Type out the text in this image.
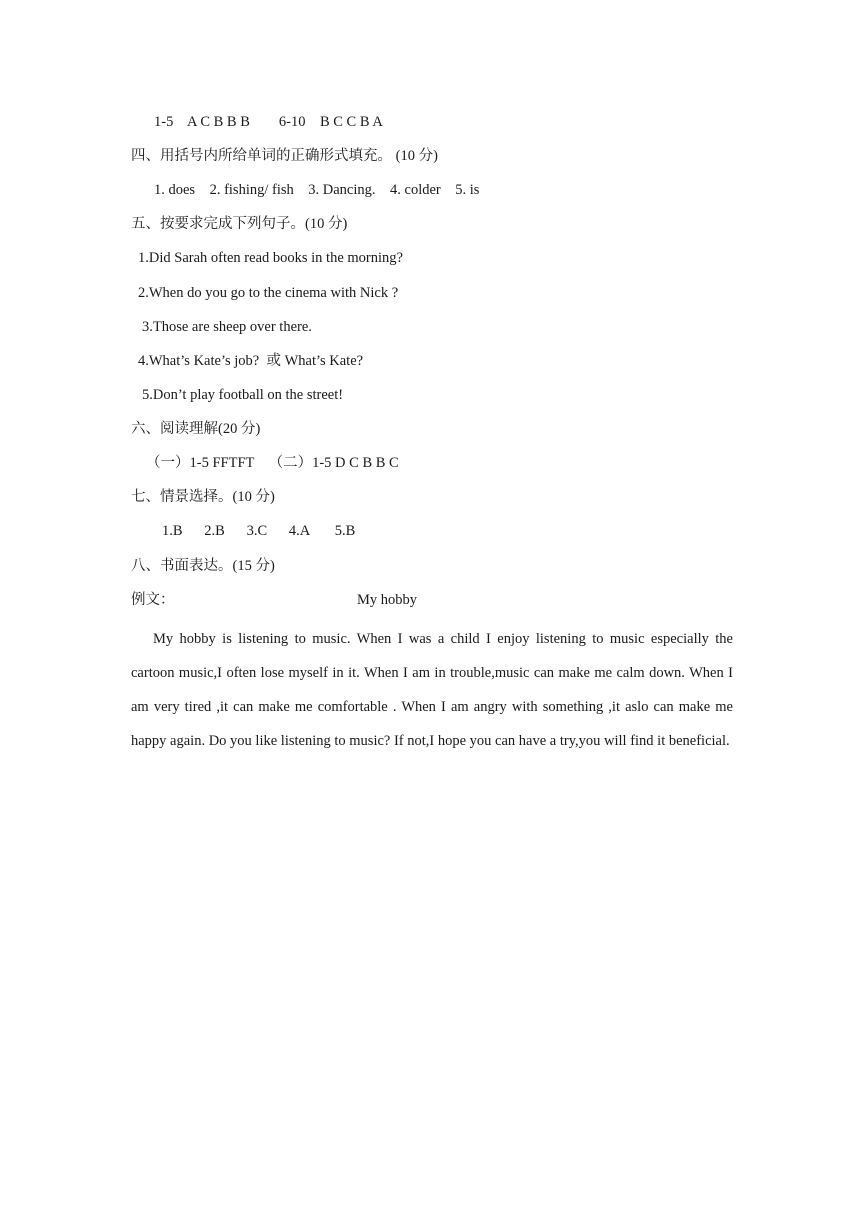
1-5    A C B B B        6-10    B C C B A
四、用括号内所给单词的正确形式填充。 (10 分)
1. does    2. fishing/ fish    3. Dancing.    4. colder    5. is
五、按要求完成下列句子。(10 分)
1.Did Sarah often read books in the morning?
2.When do you go to the cinema with Nick ?
3.Those are sheep over there.
4.What’s Kate’s job?  或 What’s Kate?
5.Don’t play football on the street!
六、阅读理解(20 分)
（一）1-5 FFTFT    （二）1-5 D C B B C
七、情景选择。(10 分)
1.B      2.B      3.C      4.A       5.B
八、书面表达。(15 分)
例文：	My hobby
My hobby is listening to music. When I was a child I enjoy listening to music especially the cartoon music,I often lose myself in it. When I am in trouble,music can make me calm down. When I am very tired ,it can make me comfortable . When I am angry with something ,it aslo can make me happy again. Do you like listening to music? If not,I hope you can have a try,you will find it beneficial.
